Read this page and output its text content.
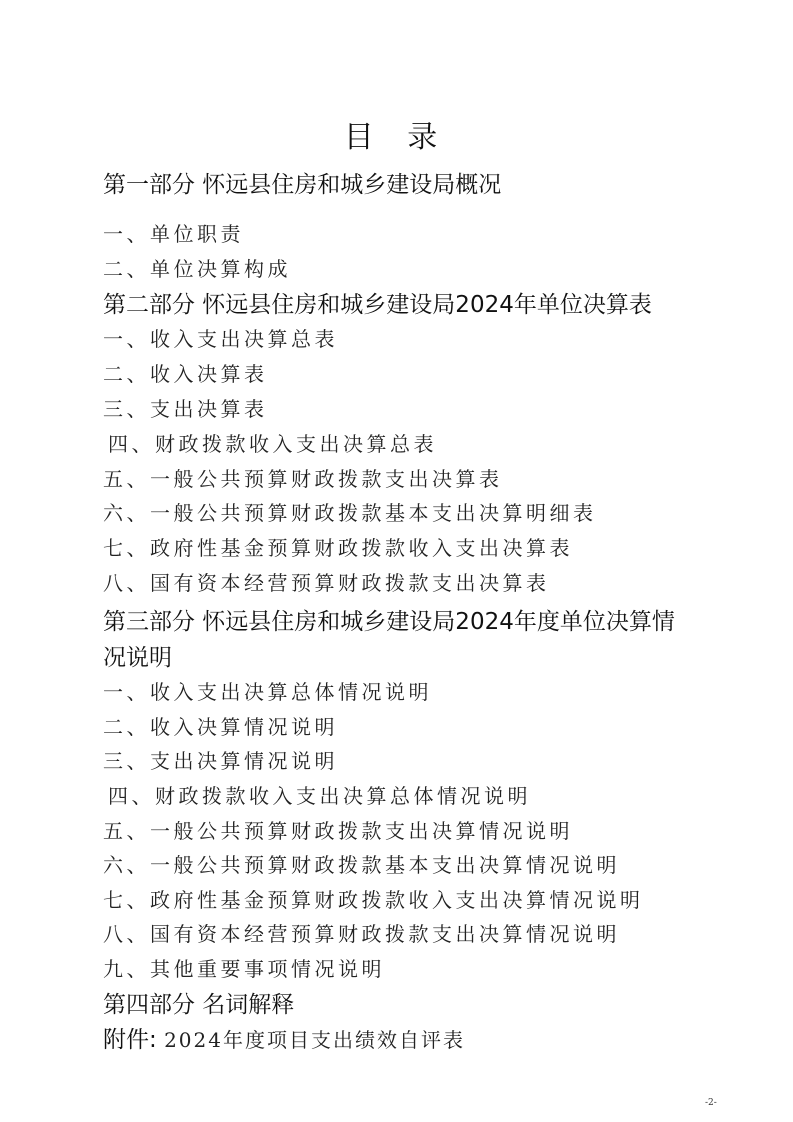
目 录
第一部分 怀远县住房和城乡建设局概况
一、单位职责
二、单位决算构成
第二部分 怀远县住房和城乡建设局2024年单位决算表
一、收入支出决算总表
二、收入决算表
三、支出决算表
四、财政拨款收入支出决算总表
五、一般公共预算财政拨款支出决算表
六、一般公共预算财政拨款基本支出决算明细表
七、政府性基金预算财政拨款收入支出决算表
八、国有资本经营预算财政拨款支出决算表
第三部分 怀远县住房和城乡建设局2024年度单位决算情
况说明
一、收入支出决算总体情况说明
二、收入决算情况说明
三、支出决算情况说明
四、财政拨款收入支出决算总体情况说明
五、一般公共预算财政拨款支出决算情况说明
六、一般公共预算财政拨款基本支出决算情况说明
七、政府性基金预算财政拨款收入支出决算情况说明
八、国有资本经营预算财政拨款支出决算情况说明
九、其他重要事项情况说明
第四部分 名词解释
附件: 2024年度项目支出绩效自评表
-2-
